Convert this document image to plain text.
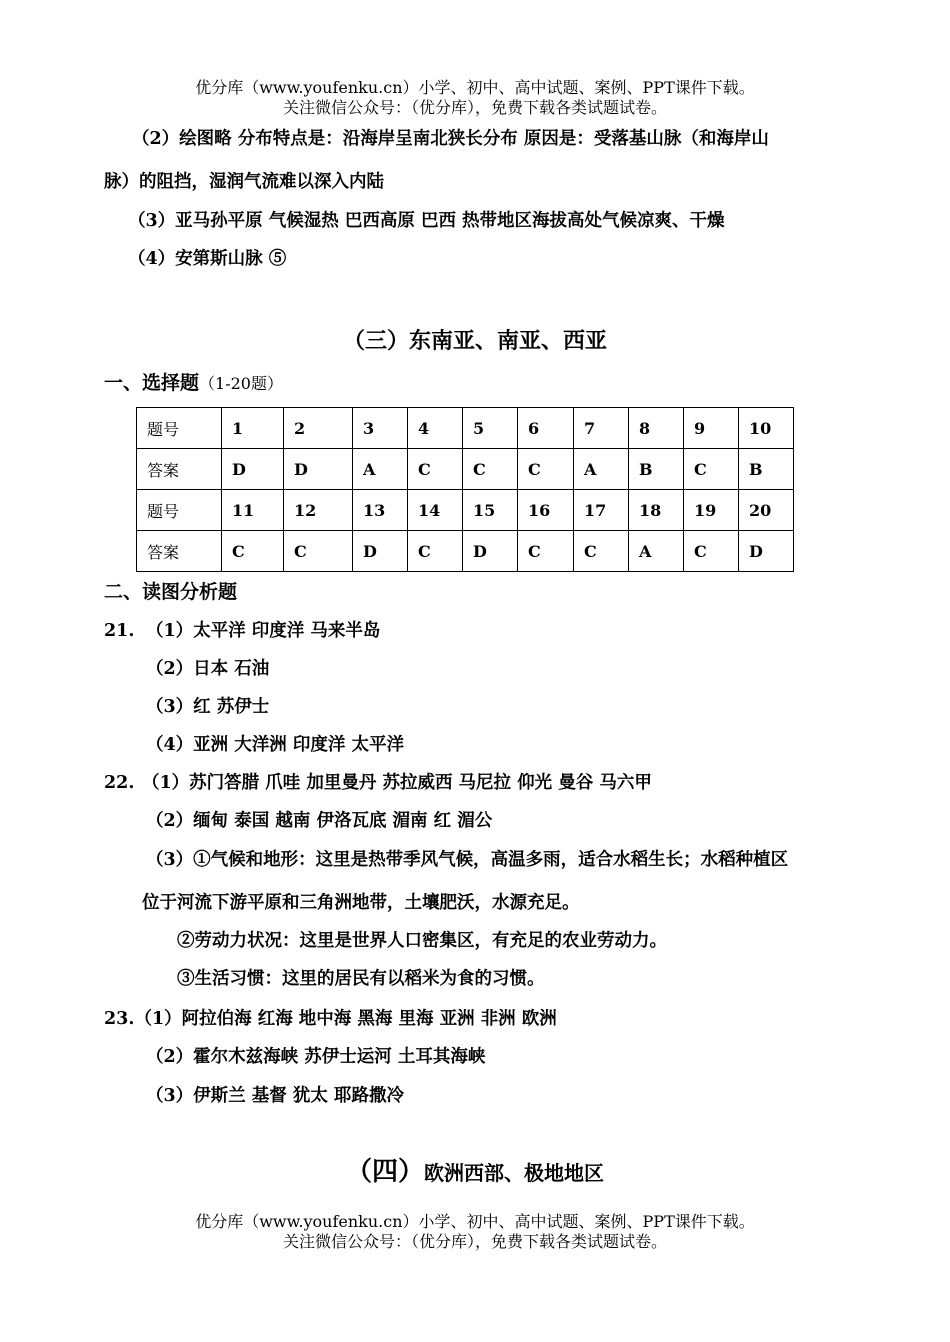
优分库（www.youfenku.cn）小学、初中、高中试题、案例、PPT课件下载。
关注微信公众号：（优分库），免费下载各类试题试卷。
（2）绘图略 分布特点是：沿海岸呈南北狭长分布 原因是：受落基山脉（和海岸山
脉）的阻挡，湿润气流难以深入内陆
（3）亚马孙平原 气候湿热 巴西高原 巴西 热带地区海拔高处气候凉爽、干燥
（4）安第斯山脉 ⑤
（三）东南亚、南亚、西亚
一、选择题（1-20题）
题号	1	2	3	4	5	6	7	8	9	10
答案	D	D	A	C	C	C	A	B	C	B
题号	11	12	13	14	15	16	17	18	19	20
答案	C	C	D	C	D	C	C	A	C	D
二、读图分析题
21. （1）太平洋 印度洋 马来半岛
（2）日本 石油
（3）红 苏伊士
（4）亚洲 大洋洲 印度洋 太平洋
22. （1）苏门答腊 爪哇 加里曼丹 苏拉威西 马尼拉 仰光 曼谷 马六甲
（2）缅甸 泰国 越南 伊洛瓦底 湄南 红 湄公
（3）①气候和地形：这里是热带季风气候，高温多雨，适合水稻生长；水稻种植区
位于河流下游平原和三角洲地带，土壤肥沃，水源充足。
②劳动力状况：这里是世界人口密集区，有充足的农业劳动力。
③生活习惯：这里的居民有以稻米为食的习惯。
23.（1）阿拉伯海 红海 地中海 黑海 里海 亚洲 非洲 欧洲
（2）霍尔木兹海峡 苏伊士运河 土耳其海峡
（3）伊斯兰 基督 犹太 耶路撒冷
（四）欧洲西部、极地地区
优分库（www.youfenku.cn）小学、初中、高中试题、案例、PPT课件下载。
关注微信公众号：（优分库），免费下载各类试题试卷。
